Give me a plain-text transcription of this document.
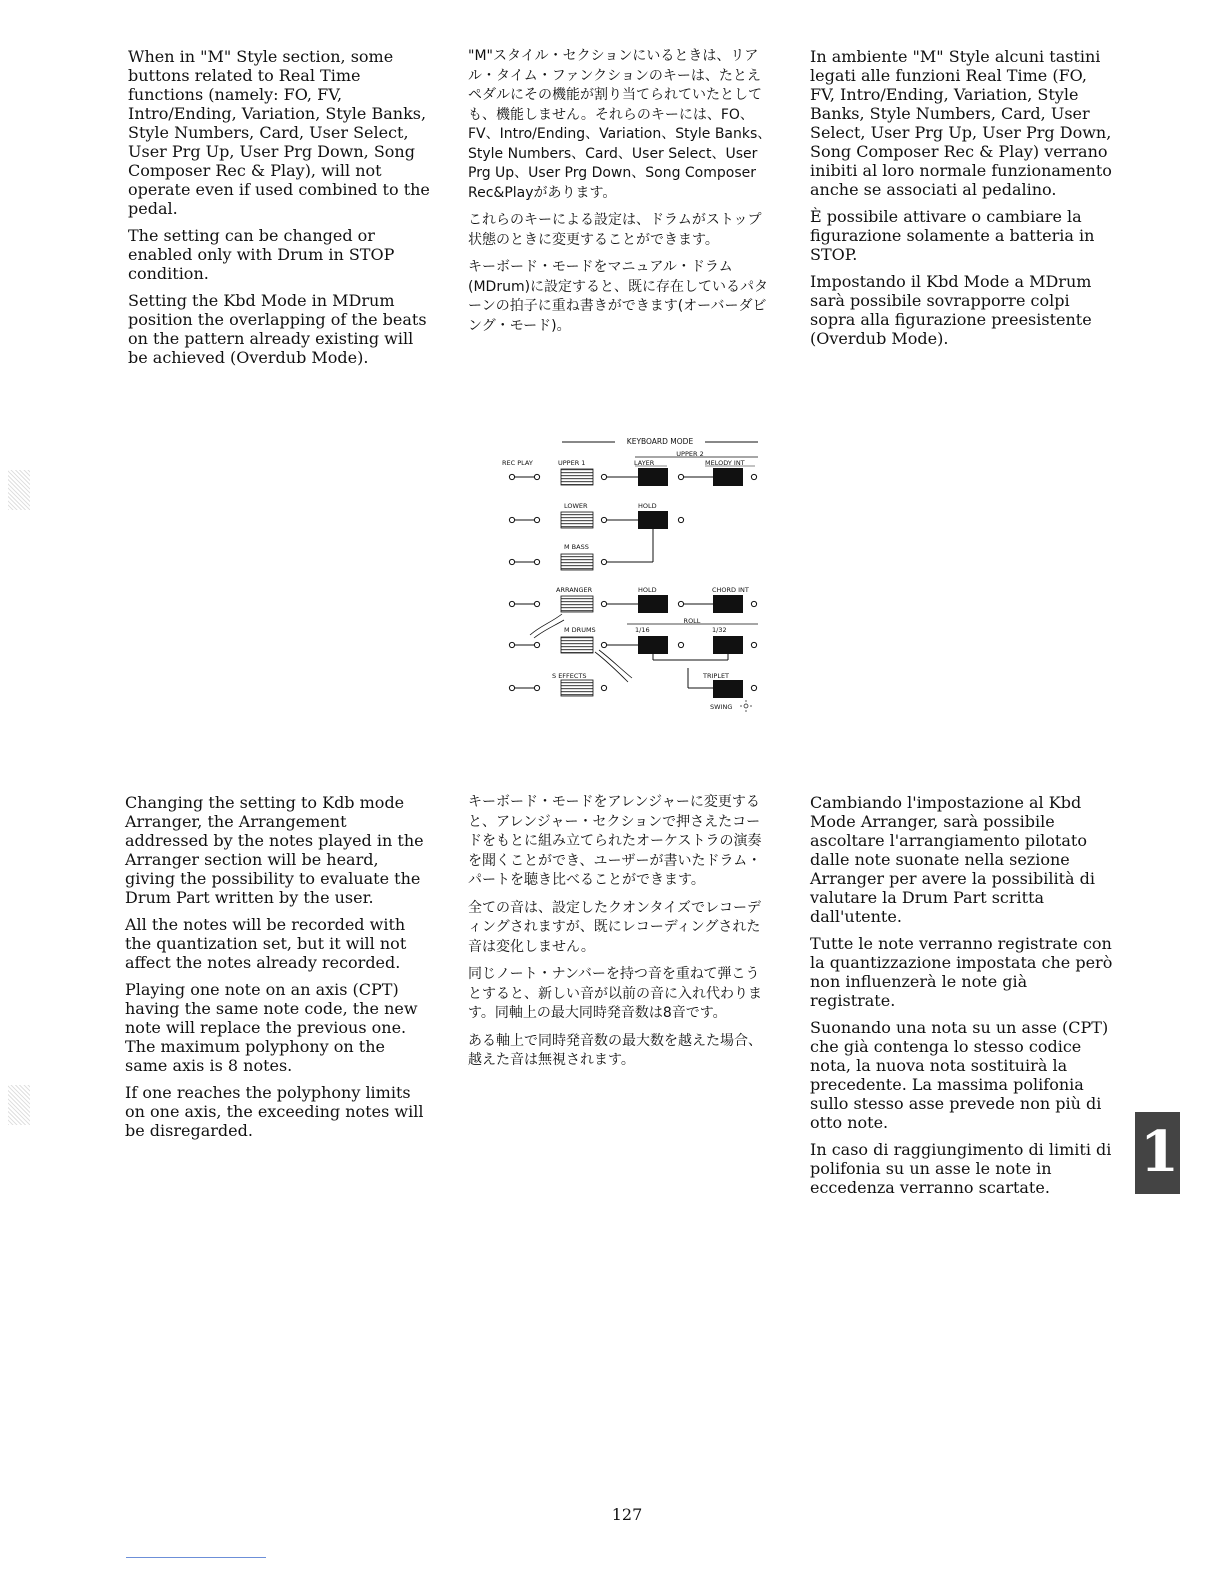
When in "M" Style section, some buttons related to Real Time functions (namely: FO, FV, Intro/Ending, Variation, Style Banks, Style Numbers, Card, User Select, User Prg Up, User Prg Down, Song Composer Rec & Play), will not operate even if used combined to the pedal.

The setting can be changed or enabled only with Drum in STOP condition.

Setting the Kbd Mode in MDrum position the overlapping of the beats on the pattern already existing will be achieved (Overdub Mode).

"M"スタイル・セクションにいるときは、リアル・タイム・ファンクションのキーは、たとえペダルにその機能が割り当てられていたとしても、機能しません。それらのキーには、FO、FV、Intro/Ending、Variation、Style Banks、Style Numbers、Card、User Select、User Prg Up、User Prg Down、Song Composer Rec&Playがあります。

これらのキーによる設定は、ドラムがストップ状態のときに変更することができます。

キーボード・モードをマニュアル・ドラム(MDrum)に設定すると、既に存在しているパターンの拍子に重ね書きができます(オーバーダビング・モード)。

In ambiente "M" Style alcuni tastini legati alle funzioni Real Time (FO, FV, Intro/Ending, Variation, Style Banks, Style Numbers, Card, User Select, User Prg Up, User Prg Down, Song Composer Rec & Play) verrano inibiti al loro normale funzionamento anche se associati al pedalino.

È possibile attivare o cambiare la figurazione solamente a batteria in STOP.

Impostando il Kbd Mode a MDrum sarà possibile sovrapporre colpi sopra alla figurazione preesistente (Overdub Mode).

KEYBOARD MODE
UPPER 2
REC PLAY	UPPER 1	LAYER	MELODY INT
LOWER	HOLD
M BASS
ARRANGER	HOLD	CHORD INT
ROLL
M DRUMS	1/16	1/32
S EFFECTS	TRIPLET
SWING

Changing the setting to Kdb mode Arranger, the Arrangement addressed by the notes played in the Arranger section will be heard, giving the possibility to evaluate the Drum Part written by the user.

All the notes will be recorded with the quantization set, but it will not affect the notes already recorded.

Playing one note on an axis (CPT) having the same note code, the new note will replace the previous one. The maximum polyphony on the same axis is 8 notes.

If one reaches the polyphony limits on one axis, the exceeding notes will be disregarded.

キーボード・モードをアレンジャーに変更すると、アレンジャー・セクションで押さえたコードをもとに組み立てられたオーケストラの演奏を聞くことができ、ユーザーが書いたドラム・パートを聴き比べることができます。

全ての音は、設定したクオンタイズでレコーディングされますが、既にレコーディングされた音は変化しません。

同じノート・ナンバーを持つ音を重ねて弾こうとすると、新しい音が以前の音に入れ代わります。同軸上の最大同時発音数は8音です。

ある軸上で同時発音数の最大数を越えた場合、越えた音は無視されます。

Cambiando l'impostazione al Kbd Mode Arranger, sarà possibile ascoltare l'arrangiamento pilotato dalle note suonate nella sezione Arranger per avere la possibilità di valutare la Drum Part scritta dall'utente.

Tutte le note verranno registrate con la quantizzazione impostata che però non influenzerà le note già registrate.

Suonando una nota su un asse (CPT) che già contenga lo stesso codice nota, la nuova nota sostituirà la precedente. La massima polifonia sullo stesso asse prevede non più di otto note.

In caso di raggiungimento di limiti di polifonia su un asse le note in eccedenza verranno scartate.

1
127
